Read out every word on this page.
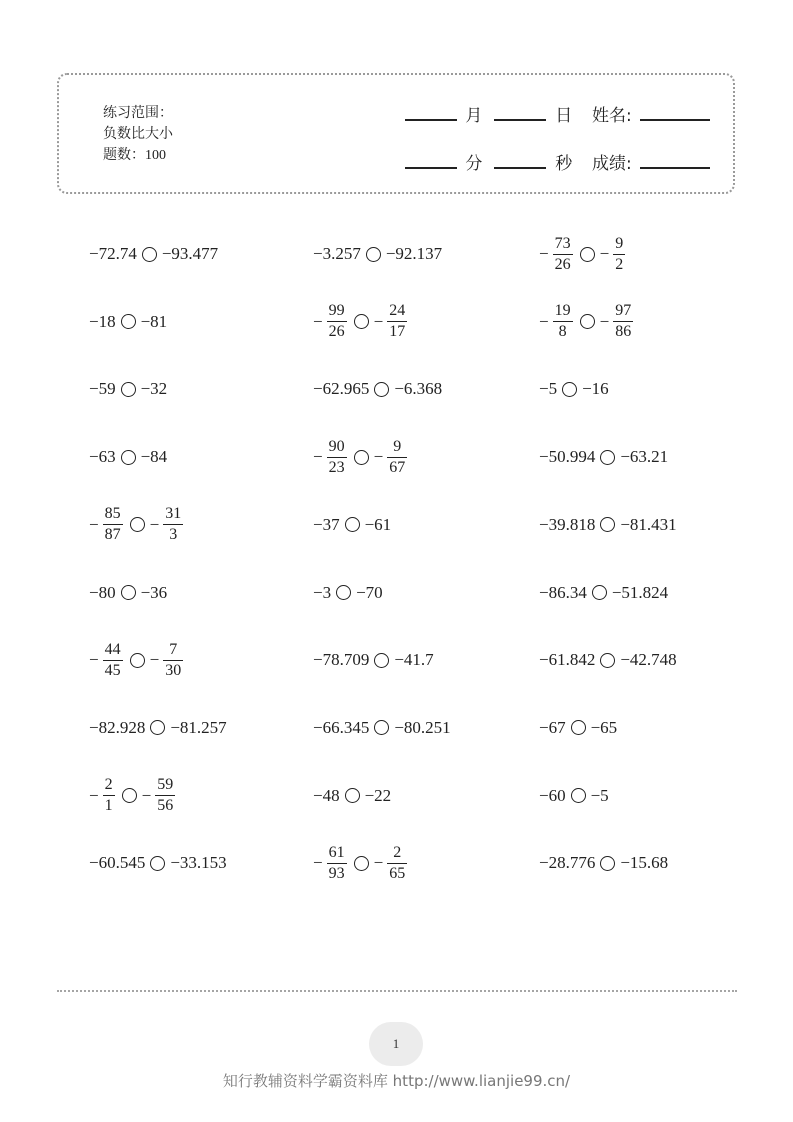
练习范围：
负数比大小
题数：100
月	日 姓名:
分	秒 成绩:
−72.74 −93.477	−3.257 −92.137	− $\frac{73}{26} - \frac{9}{2}$
−18 −81	− $\frac{99}{26} - \frac{24}{17}$	− $\frac{19}{8} - \frac{97}{86}$
−59 −32	−62.965 −6.368	−5 −16
−63 −84	− $\frac{90}{23} - \frac{9}{67}$	−50.994 −63.21
− $\frac{85}{87} - \frac{31}{3}$	−37 −61	−39.818 −81.431
−80 −36	−3 −70	−86.34 −51.824
− $\frac{44}{45} - \frac{7}{30}$	−78.709 −41.7	−61.842 −42.748
−82.928 −81.257	−66.345 −80.251	−67 −65
− $\frac{2}{1} - \frac{59}{56}$	−48 −22	−60 −5
−60.545 −33.153	− $\frac{61}{93} - \frac{2}{65}$	−28.776 −15.68
1
知行教辅资料学霸资料库 http://www.lianjie99.cn/
